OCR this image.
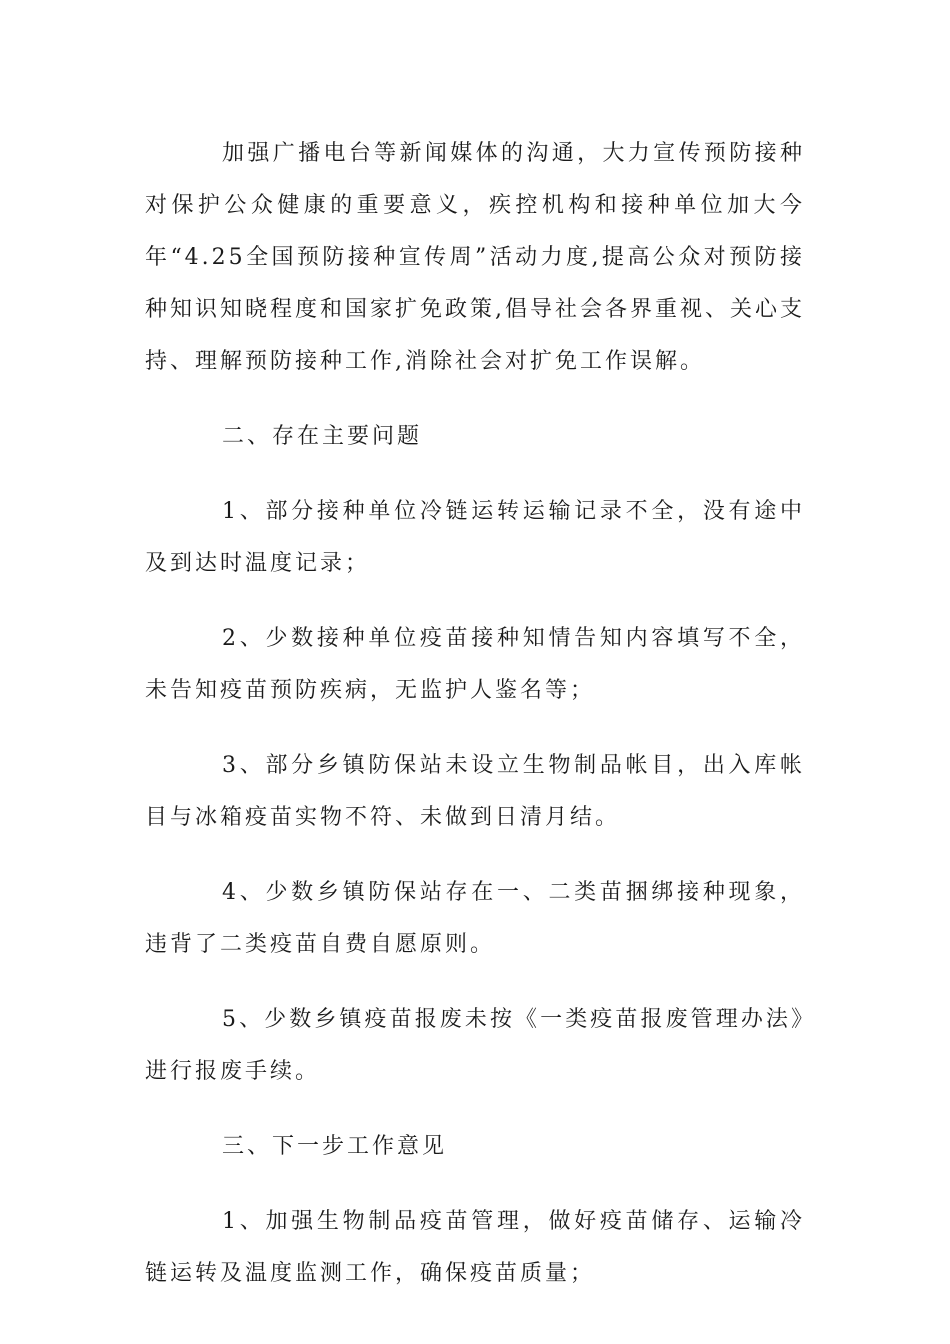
加强广播电台等新闻媒体的沟通，大力宣传预防接种对保护公众健康的重要意义，疾控机构和接种单位加大今年“4.25全国预防接种宣传周”活动力度,提高公众对预防接种知识知晓程度和国家扩免政策,倡导社会各界重视、关心支持、理解预防接种工作,消除社会对扩免工作误解。

二、存在主要问题

1、部分接种单位冷链运转运输记录不全，没有途中及到达时温度记录；

2、少数接种单位疫苗接种知情告知内容填写不全，未告知疫苗预防疾病，无监护人鉴名等；

3、部分乡镇防保站未设立生物制品帐目，出入库帐目与冰箱疫苗实物不符、未做到日清月结。

4、少数乡镇防保站存在一、二类苗捆绑接种现象，违背了二类疫苗自费自愿原则。

5、少数乡镇疫苗报废未按《一类疫苗报废管理办法》进行报废手续。

三、下一步工作意见

1、加强生物制品疫苗管理，做好疫苗储存、运输冷链运转及温度监测工作，确保疫苗质量；
